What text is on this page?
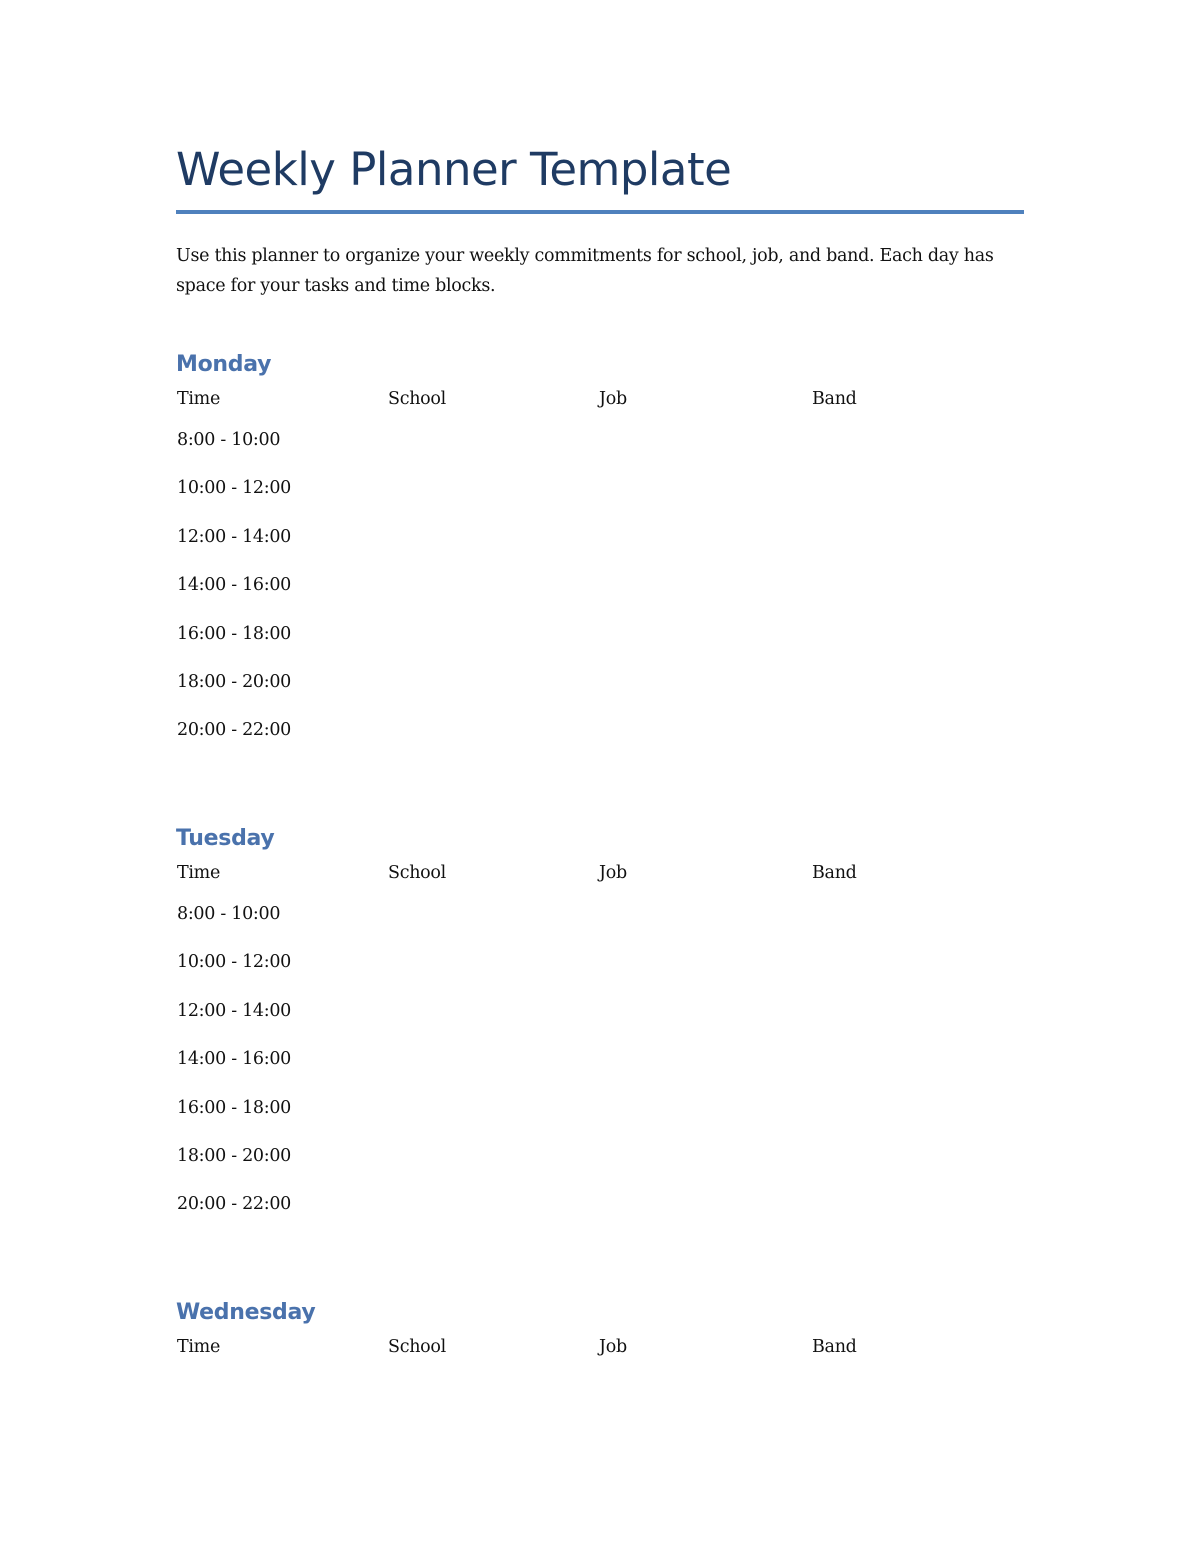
Weekly Planner Template
Use this planner to organize your weekly commitments for school, job, and band. Each day has space for your tasks and time blocks.
Monday
Time	School	Job	Band
8:00 - 10:00
10:00 - 12:00
12:00 - 14:00
14:00 - 16:00
16:00 - 18:00
18:00 - 20:00
20:00 - 22:00
Tuesday
Time	School	Job	Band
8:00 - 10:00
10:00 - 12:00
12:00 - 14:00
14:00 - 16:00
16:00 - 18:00
18:00 - 20:00
20:00 - 22:00
Wednesday
Time	School	Job	Band
